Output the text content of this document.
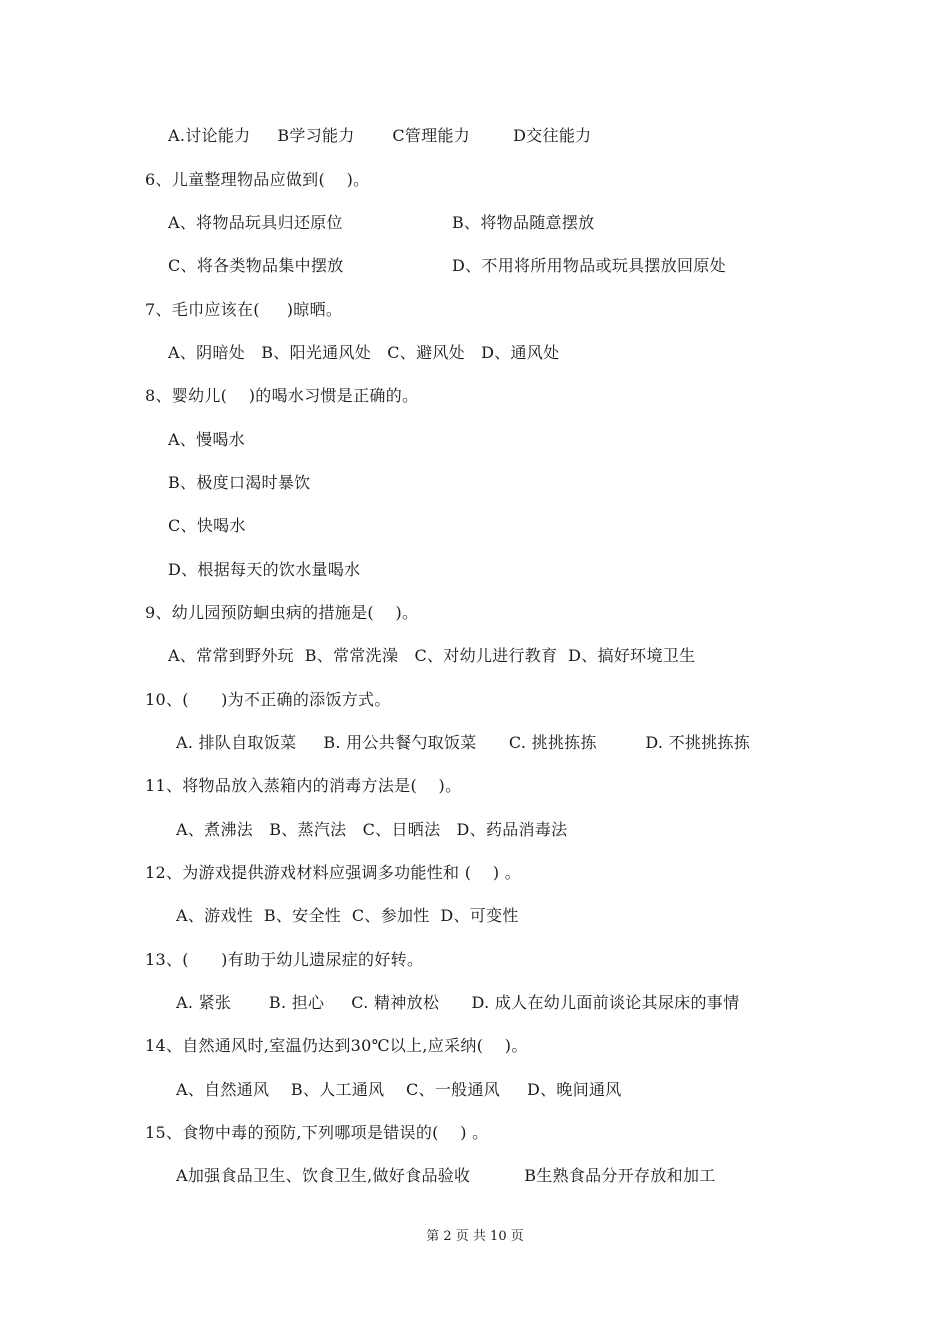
A.讨论能力     B学习能力       C管理能力        D交往能力
6、儿童整理物品应做到(    )。
A、将物品玩具归还原位	B、将物品随意摆放
C、将各类物品集中摆放	D、不用将所用物品或玩具摆放回原处
7、毛巾应该在(     )晾晒。
A、阴暗处   B、阳光通风处   C、避风处   D、通风处
8、婴幼儿(    )的喝水习惯是正确的。
A、慢喝水
B、极度口渴时暴饮
C、快喝水
D、根据每天的饮水量喝水
9、幼儿园预防蛔虫病的措施是(    )。
A、常常到野外玩  B、常常洗澡   C、对幼儿进行教育  D、搞好环境卫生
10、(      )为不正确的添饭方式。
A. 排队自取饭菜     B. 用公共餐勺取饭菜      C. 挑挑拣拣         D. 不挑挑拣拣
11、将物品放入蒸箱内的消毒方法是(    )。
A、煮沸法   B、蒸汽法   C、日晒法   D、药品消毒法
12、为游戏提供游戏材料应强调多功能性和 (    ) 。
A、游戏性  B、安全性  C、参加性  D、可变性
13、(      )有助于幼儿遗尿症的好转。
A. 紧张       B. 担心     C. 精神放松      D. 成人在幼儿面前谈论其尿床的事情
14、自然通风时,室温仍达到30℃以上,应采纳(    )。
A、自然通风    B、人工通风    C、一般通风     D、晚间通风
15、食物中毒的预防,下列哪项是错误的(    ) 。
A加强食品卫生、饮食卫生,做好食品验收          B生熟食品分开存放和加工
第 2 页 共 10 页
